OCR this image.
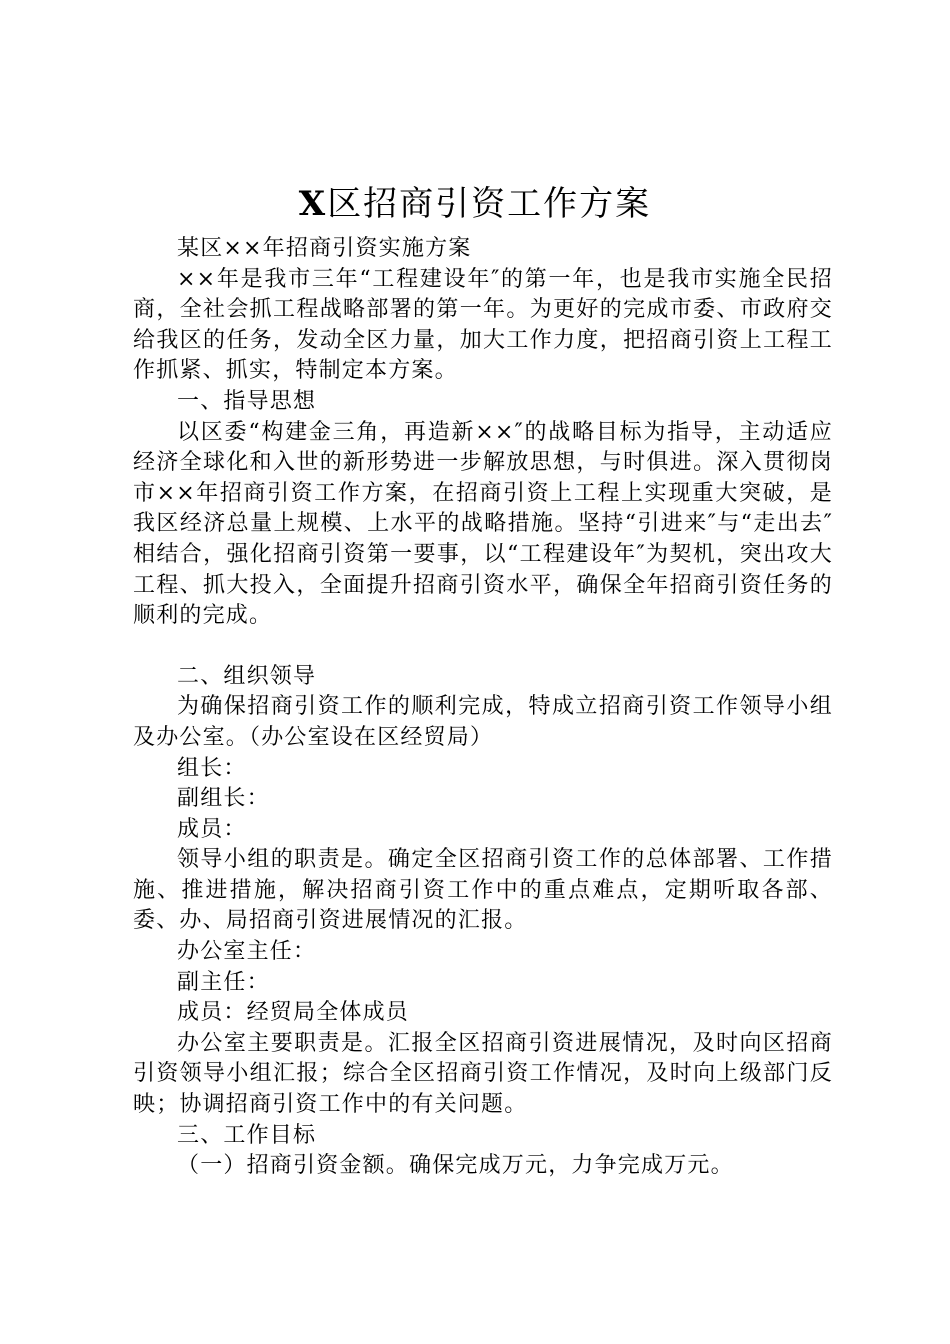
X区招商引资工作方案

某区××年招商引资实施方案

××年是我市三年“工程建设年″的第一年，也是我市实施全民招商，全社会抓工程战略部署的第一年。为更好的完成市委、市政府交给我区的任务，发动全区力量，加大工作力度，把招商引资上工程工作抓紧、抓实，特制定本方案。

一、指导思想

以区委“构建金三角，再造新××″的战略目标为指导，主动适应经济全球化和入世的新形势进一步解放思想，与时俱进。深入贯彻岗市××年招商引资工作方案，在招商引资上工程上实现重大突破，是我区经济总量上规模、上水平的战略措施。坚持“引进来″与“走出去″相结合，强化招商引资第一要事，以“工程建设年″为契机，突出攻大工程、抓大投入，全面提升招商引资水平，确保全年招商引资任务的顺利的完成。

二、组织领导

为确保招商引资工作的顺利完成，特成立招商引资工作领导小组及办公室。（办公室设在区经贸局）

组长：

副组长：

成员：

领导小组的职责是。确定全区招商引资工作的总体部署、工作措施、推进措施，解决招商引资工作中的重点难点，定期听取各部、委、办、局招商引资进展情况的汇报。

办公室主任：

副主任：

成员：经贸局全体成员

办公室主要职责是。汇报全区招商引资进展情况，及时向区招商引资领导小组汇报；综合全区招商引资工作情况，及时向上级部门反映；协调招商引资工作中的有关问题。

三、工作目标

（一）招商引资金额。确保完成万元，力争完成万元。
